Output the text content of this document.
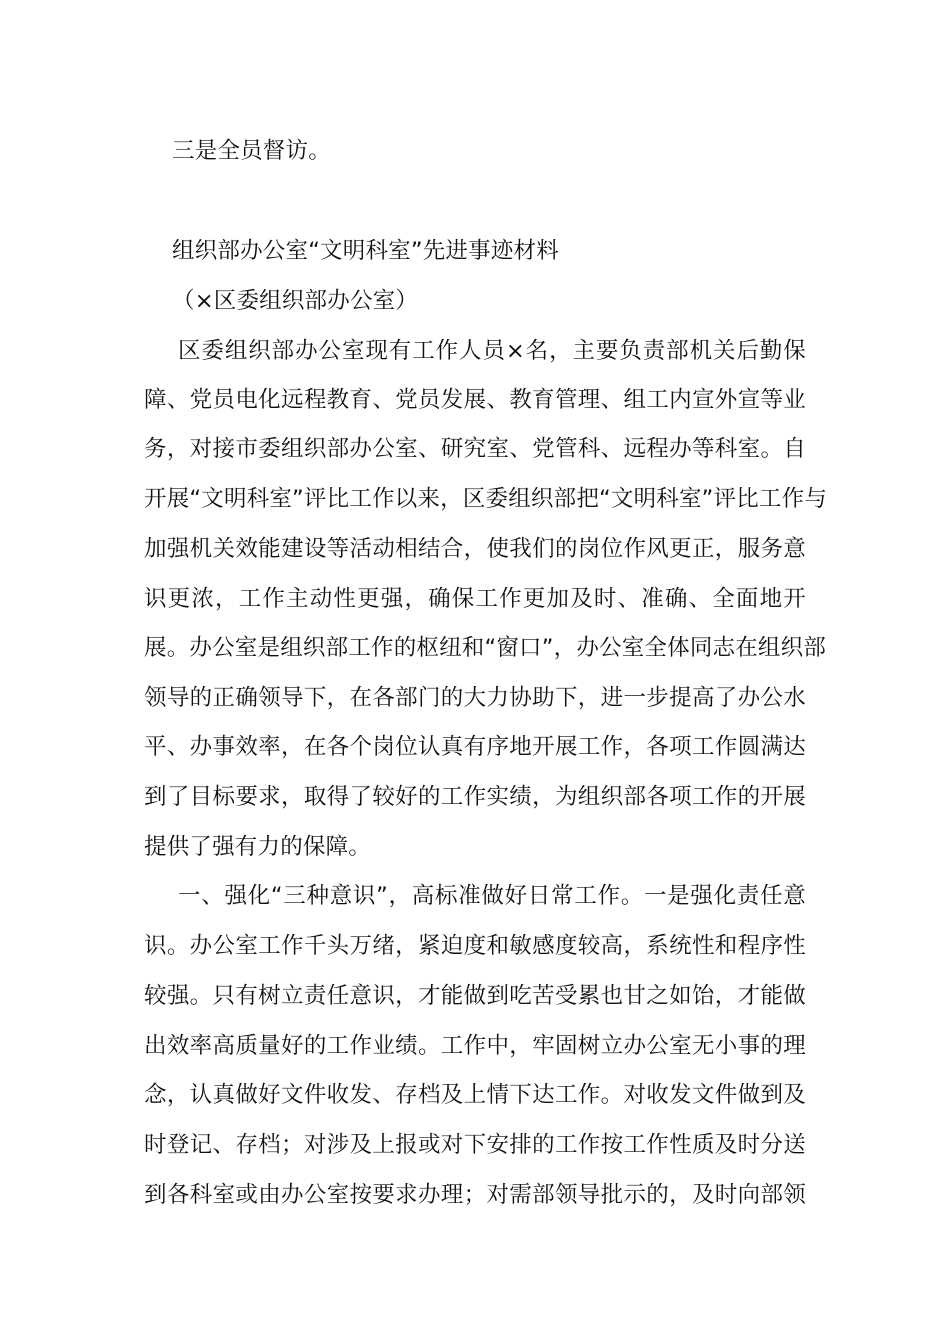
三是全员督访。
组织部办公室“文明科室”先进事迹材料
（×区委组织部办公室）
区委组织部办公室现有工作人员×名，主要负责部机关后勤保
障、党员电化远程教育、党员发展、教育管理、组工内宣外宣等业
务，对接市委组织部办公室、研究室、党管科、远程办等科室。自
开展“文明科室”评比工作以来，区委组织部把“文明科室”评比工作与
加强机关效能建设等活动相结合，使我们的岗位作风更正，服务意
识更浓，工作主动性更强，确保工作更加及时、准确、全面地开
展。办公室是组织部工作的枢纽和“窗口”，办公室全体同志在组织部
领导的正确领导下，在各部门的大力协助下，进一步提高了办公水
平、办事效率，在各个岗位认真有序地开展工作，各项工作圆满达
到了目标要求，取得了较好的工作实绩，为组织部各项工作的开展
提供了强有力的保障。
一、强化“三种意识”，高标准做好日常工作。一是强化责任意
识。办公室工作千头万绪，紧迫度和敏感度较高，系统性和程序性
较强。只有树立责任意识，才能做到吃苦受累也甘之如饴，才能做
出效率高质量好的工作业绩。工作中，牢固树立办公室无小事的理
念，认真做好文件收发、存档及上情下达工作。对收发文件做到及
时登记、存档；对涉及上报或对下安排的工作按工作性质及时分送
到各科室或由办公室按要求办理；对需部领导批示的，及时向部领
